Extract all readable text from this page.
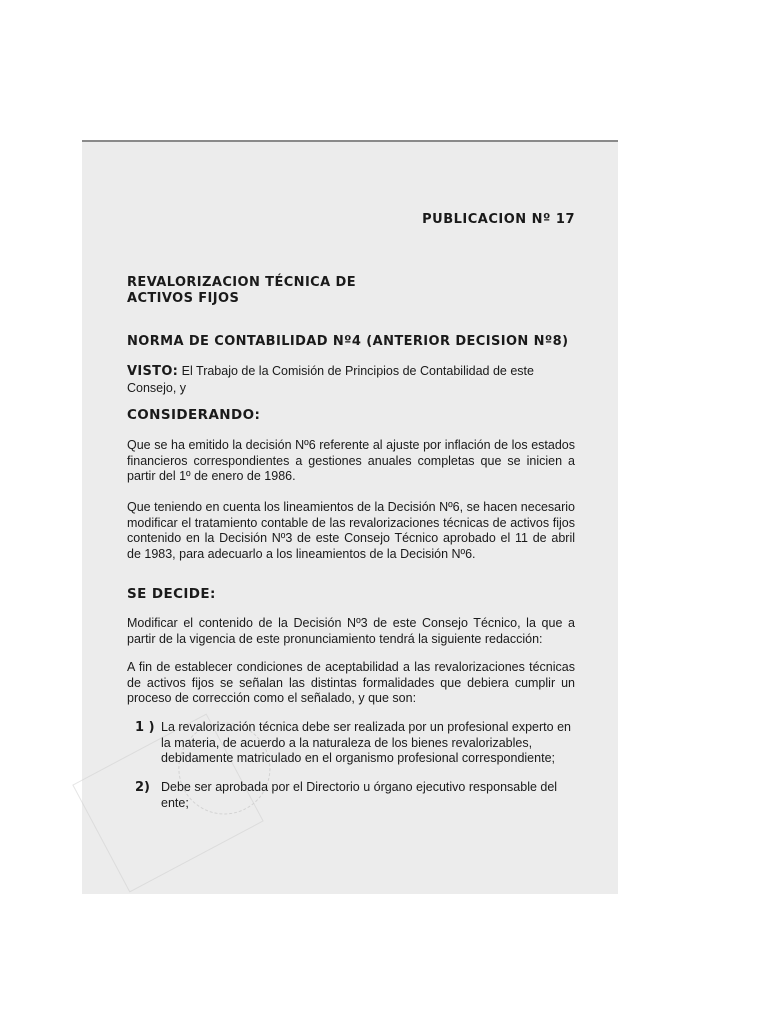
PUBLICACION Nº 17
REVALORIZACION TÉCNICA DE
ACTIVOS FIJOS
NORMA DE CONTABILIDAD Nº4 (ANTERIOR DECISION Nº8)
VISTO: El Trabajo de la Comisión de Principios de Contabilidad de este Consejo, y
CONSIDERANDO:
Que se ha emitido la decisión Nº6 referente al ajuste por inflación de los estados financieros correspondientes a gestiones anuales completas que se inicien a partir del 1º de enero de 1986.
Que teniendo en cuenta los lineamientos de la Decisión Nº6, se hacen necesario modificar el tratamiento contable de las revalorizaciones técnicas de activos fijos contenido en la Decisión Nº3 de este Consejo Técnico aprobado el 11 de abril de 1983, para adecuarlo a los lineamientos de la Decisión Nº6.
SE DECIDE:
Modificar el contenido de la Decisión Nº3 de este Consejo Técnico, la que a partir de la vigencia de este pronunciamiento tendrá la siguiente redacción:
A fin de establecer condiciones de aceptabilidad a las revalorizaciones técnicas de activos fijos se señalan las distintas formalidades que debiera cumplir un proceso de corrección como el señalado, y que son:
1 ) La revalorización técnica debe ser realizada por un profesional experto en la materia, de acuerdo a la naturaleza de los bienes revalorizables, debidamente matriculado en el organismo profesional correspondiente;
2) Debe ser aprobada por el Directorio u órgano ejecutivo responsable del ente;
